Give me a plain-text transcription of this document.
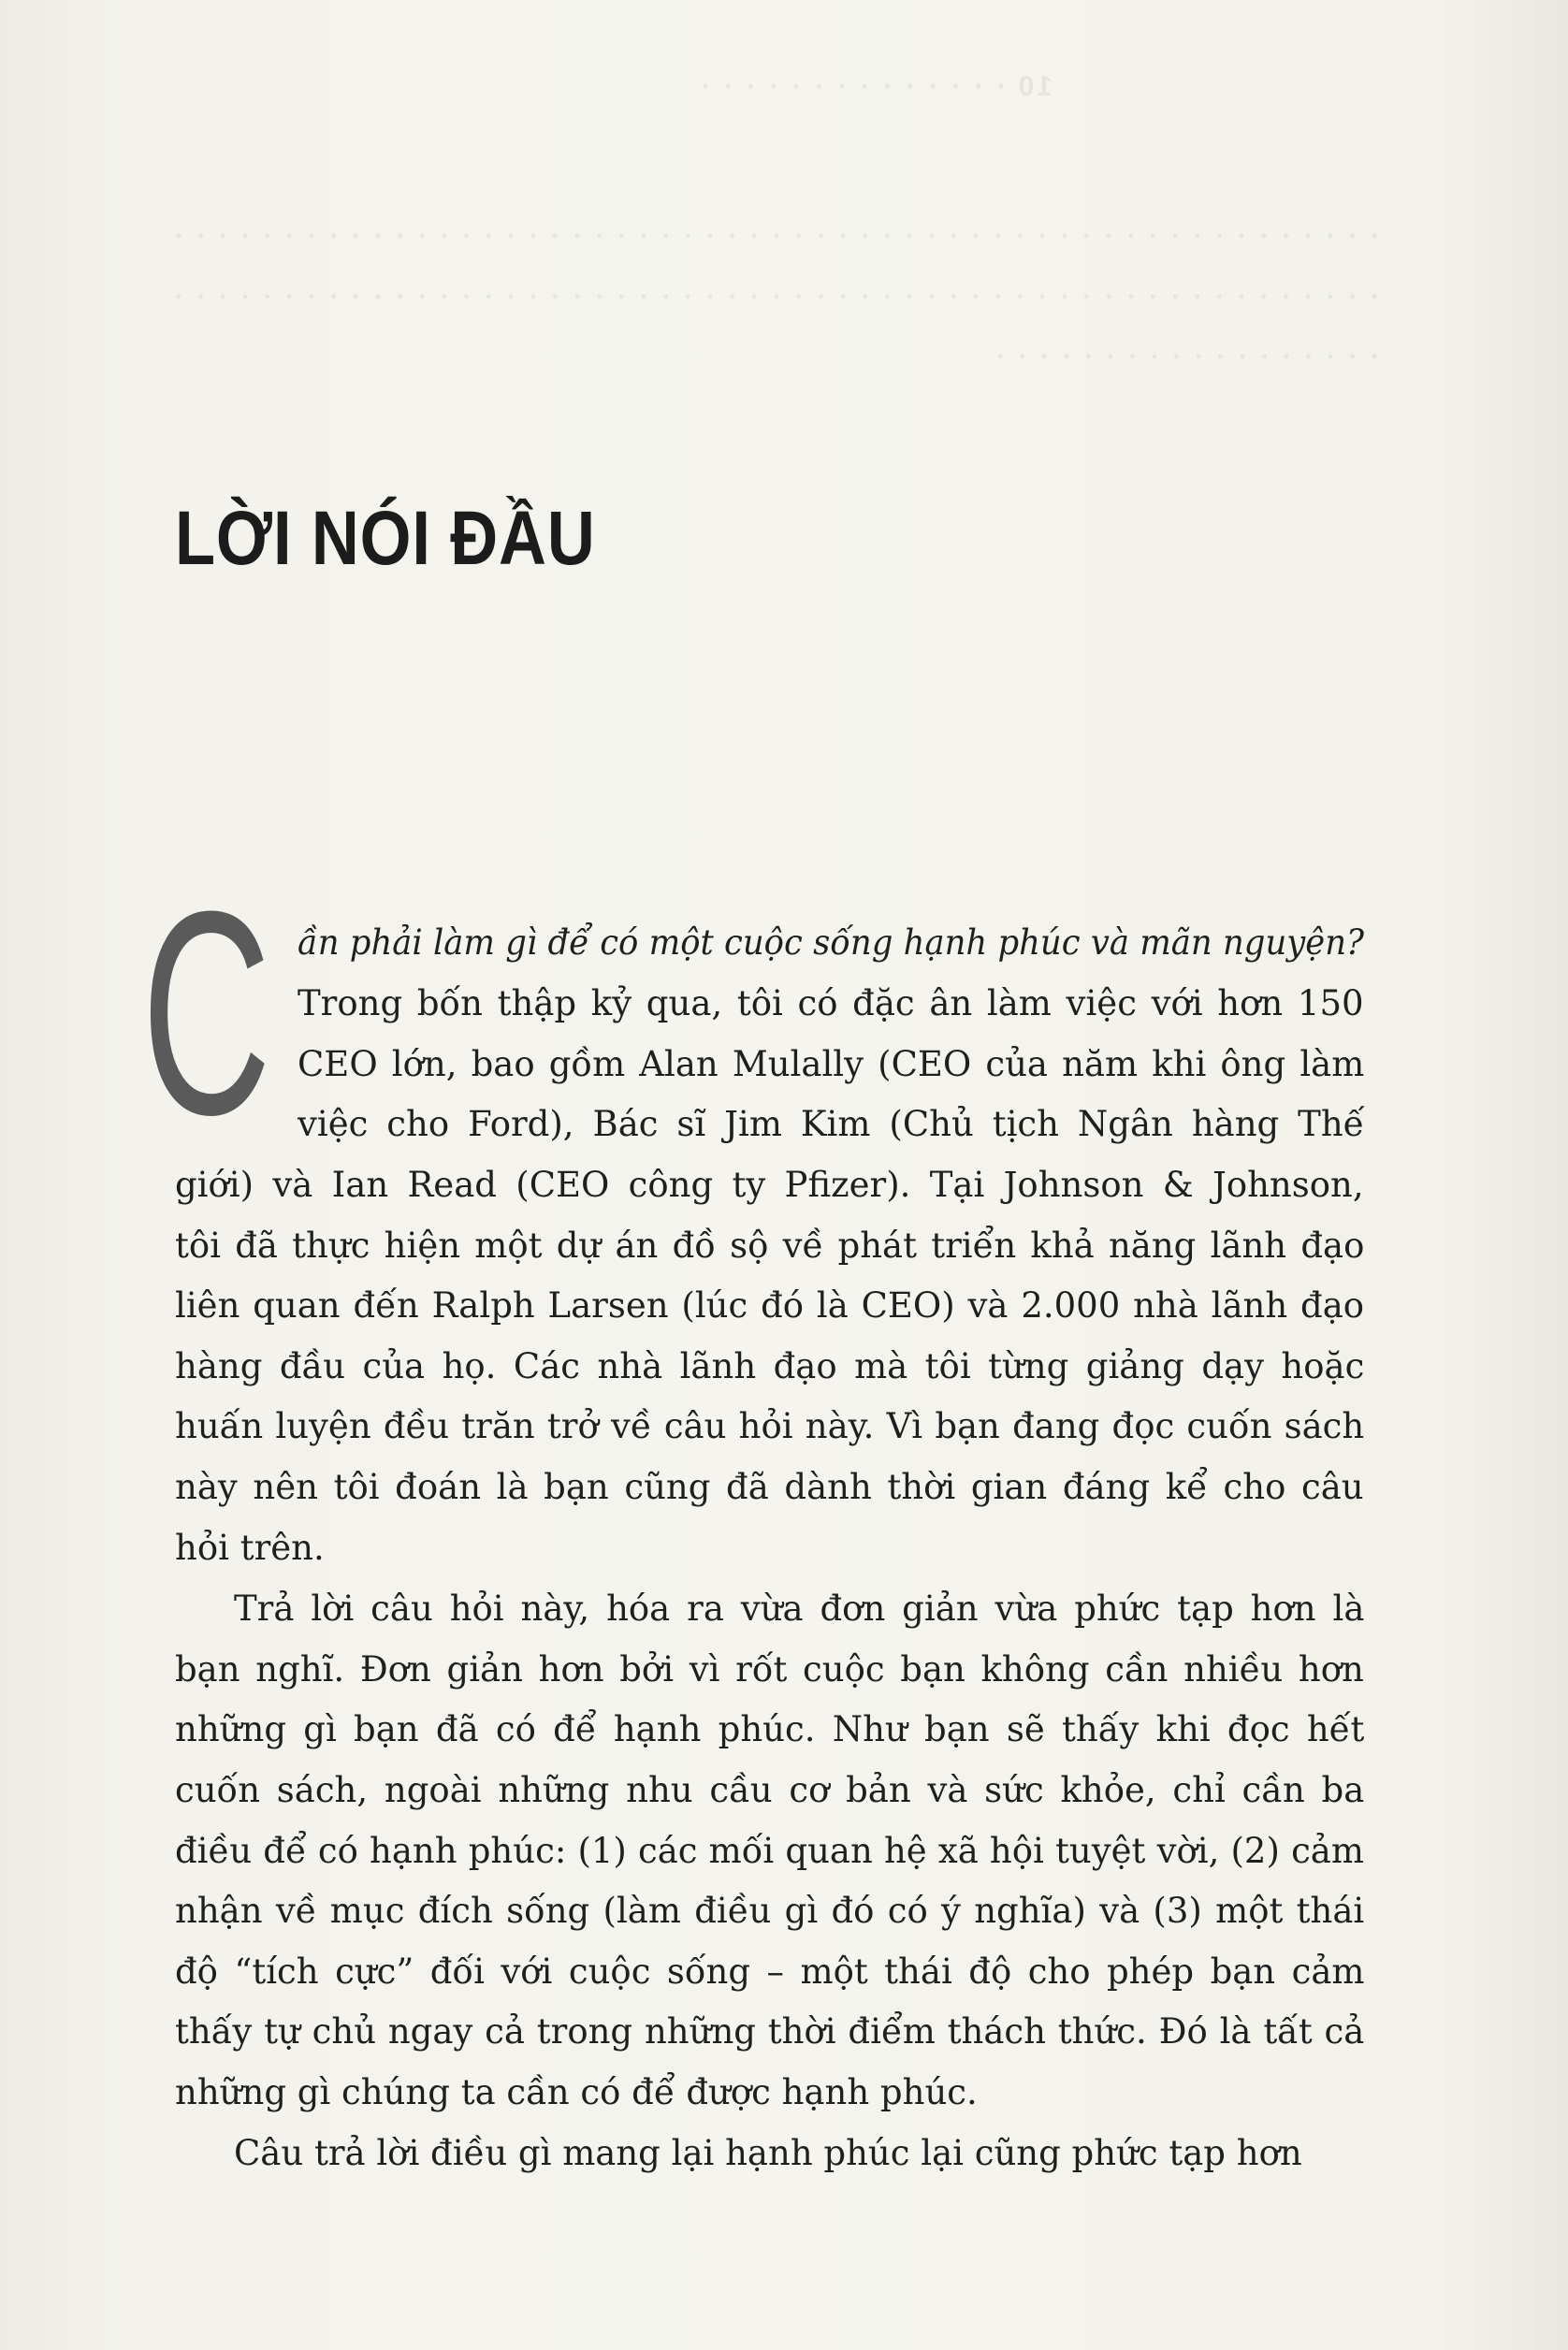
10 · · · · · · · · · · · · · ·
. . . . . . . . . . . . . . . . . . . . . . . . . . . . . . . . . . . . . . . . . . . . . . . . . . . . . . . . . . . . . . . . . . . . . . . . . . . . . . . . . . . . . . . . . . . . . . . . . . . . . . . . . . . . . . . . . . . . . . . . . . . . . . . .
LỜI NÓI ĐẦU
C ần phải làm gì để có một cuộc sống hạnh phúc và mãn nguyện?
Trong bốn thập kỷ qua, tôi có đặc ân làm việc với hơn 150
CEO lớn, bao gồm Alan Mulally (CEO của năm khi ông làm
việc cho Ford), Bác sĩ Jim Kim (Chủ tịch Ngân hàng Thế
giới) và Ian Read (CEO công ty Pfizer). Tại Johnson & Johnson,
tôi đã thực hiện một dự án đồ sộ về phát triển khả năng lãnh đạo
liên quan đến Ralph Larsen (lúc đó là CEO) và 2.000 nhà lãnh đạo
hàng đầu của họ. Các nhà lãnh đạo mà tôi từng giảng dạy hoặc
huấn luyện đều trăn trở về câu hỏi này. Vì bạn đang đọc cuốn sách
này nên tôi đoán là bạn cũng đã dành thời gian đáng kể cho câu
hỏi trên.
Trả lời câu hỏi này, hóa ra vừa đơn giản vừa phức tạp hơn là
bạn nghĩ. Đơn giản hơn bởi vì rốt cuộc bạn không cần nhiều hơn
những gì bạn đã có để hạnh phúc. Như bạn sẽ thấy khi đọc hết
cuốn sách, ngoài những nhu cầu cơ bản và sức khỏe, chỉ cần ba
điều để có hạnh phúc: (1) các mối quan hệ xã hội tuyệt vời, (2) cảm
nhận về mục đích sống (làm điều gì đó có ý nghĩa) và (3) một thái
độ “tích cực” đối với cuộc sống – một thái độ cho phép bạn cảm
thấy tự chủ ngay cả trong những thời điểm thách thức. Đó là tất cả
những gì chúng ta cần có để được hạnh phúc.
Câu trả lời điều gì mang lại hạnh phúc lại cũng phức tạp hơn
